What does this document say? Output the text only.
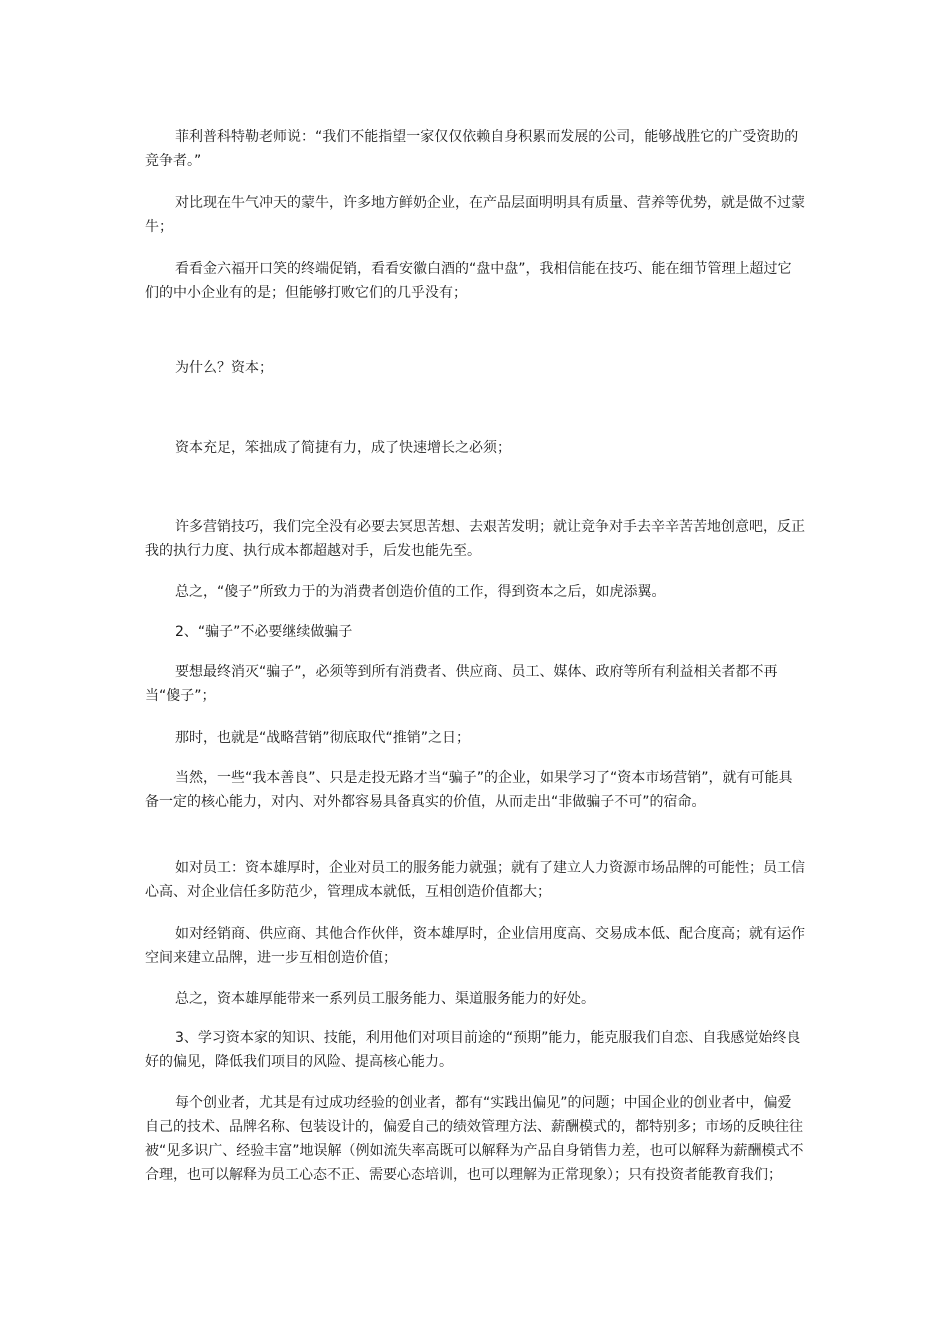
菲利普科特勒老师说：“我们不能指望一家仅仅依赖自身积累而发展的公司，能够战胜它的广受资助的竞争者。”

对比现在牛气冲天的蒙牛，许多地方鲜奶企业，在产品层面明明具有质量、营养等优势，就是做不过蒙牛；

看看金六福开口笑的终端促销，看看安徽白酒的“盘中盘”，我相信能在技巧、能在细节管理上超过它们的中小企业有的是；但能够打败它们的几乎没有；

为什么？资本；

资本充足，笨拙成了简捷有力，成了快速增长之必须；

许多营销技巧，我们完全没有必要去冥思苦想、去艰苦发明；就让竞争对手去辛辛苦苦地创意吧，反正我的执行力度、执行成本都超越对手，后发也能先至。

总之，“傻子”所致力于的为消费者创造价值的工作，得到资本之后，如虎添翼。

2、“骗子”不必要继续做骗子

要想最终消灭“骗子”，必须等到所有消费者、供应商、员工、媒体、政府等所有利益相关者都不再当“傻子”；

那时，也就是“战略营销”彻底取代“推销”之日；

当然，一些“我本善良”、只是走投无路才当“骗子”的企业，如果学习了“资本市场营销”，就有可能具备一定的核心能力，对内、对外都容易具备真实的价值，从而走出“非做骗子不可”的宿命。

如对员工：资本雄厚时，企业对员工的服务能力就强；就有了建立人力资源市场品牌的可能性；员工信心高、对企业信任多防范少，管理成本就低，互相创造价值都大；

如对经销商、供应商、其他合作伙伴，资本雄厚时，企业信用度高、交易成本低、配合度高；就有运作空间来建立品牌，进一步互相创造价值；

总之，资本雄厚能带来一系列员工服务能力、渠道服务能力的好处。

3、学习资本家的知识、技能，利用他们对项目前途的“预期”能力，能克服我们自恋、自我感觉始终良好的偏见，降低我们项目的风险、提高核心能力。

每个创业者，尤其是有过成功经验的创业者，都有“实践出偏见”的问题；中国企业的创业者中，偏爱自己的技术、品牌名称、包装设计的，偏爱自己的绩效管理方法、薪酬模式的，都特别多；市场的反映往往被“见多识广、经验丰富”地误解（例如流失率高既可以解释为产品自身销售力差，也可以解释为薪酬模式不合理，也可以解释为员工心态不正、需要心态培训，也可以理解为正常现象）；只有投资者能教育我们；
